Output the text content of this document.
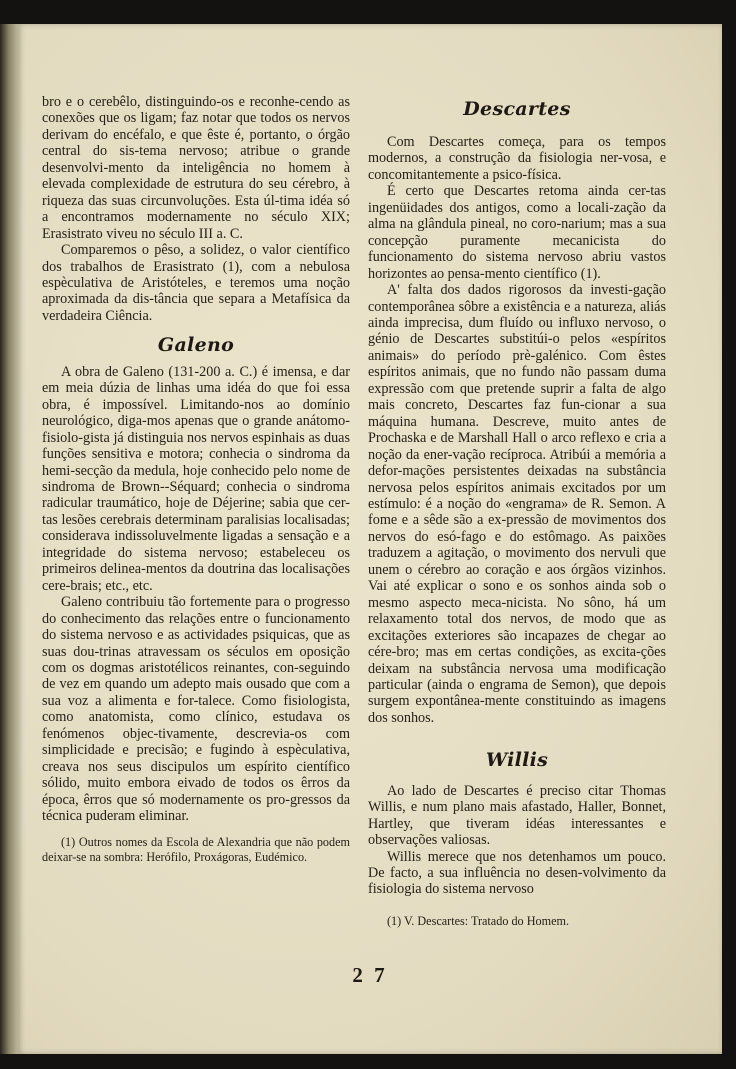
bro e o cerebêlo, distinguindo-os e reconhe-cendo as conexões que os ligam; faz notar que todos os nervos derivam do encéfalo, e que êste é, portanto, o órgão central do sis-tema nervoso; atribue o grande desenvolvi-mento da inteligência no homem à elevada complexidade de estrutura do seu cérebro, à riqueza das suas circunvoluções. Esta úl-tima idéa só a encontramos modernamente no século XIX; Erasistrato viveu no século III a. C.

Comparemos o pêso, a solidez, o valor científico dos trabalhos de Erasistrato (1), com a nebulosa espèculativa de Aristóteles, e teremos uma noção aproximada da dis-tância que separa a Metafísica da verdadeira Ciência.

Galeno

A obra de Galeno (131-200 a. C.) é imensa, e dar em meia dúzia de linhas uma idéa do que foi essa obra, é impossível. Limitando-nos ao domínio neurológico, diga-mos apenas que o grande anátomo-fisiolo-gista já distinguia nos nervos espinhais as duas funções sensitiva e motora; conhecia o sindroma da hemi-secção da medula, hoje conhecido pelo nome de sindroma de Brown--Séquard; conhecia o sindroma radicular traumático, hoje de Déjerine; sabia que cer-tas lesões cerebrais determinam paralisias localisadas; considerava indissoluvelmente ligadas a sensação e a integridade do sistema nervoso; estabeleceu os primeiros delinea-mentos da doutrina das localisações cere-brais; etc., etc.

Galeno contribuiu tão fortemente para o progresso do conhecimento das relações entre o funcionamento do sistema nervoso e as actividades psiquicas, que as suas dou-trinas atravessam os séculos em oposição com os dogmas aristotélicos reinantes, con-seguindo de vez em quando um adepto mais ousado que com a sua voz a alimenta e for-talece. Como fisiologista, como anatomista, como clínico, estudava os fenómenos objec-tivamente, descrevia-os com simplicidade e precisão; e fugindo à espèculativa, creava nos seus discipulos um espírito científico sólido, muito embora eivado de todos os êrros da época, êrros que só modernamente os pro-gressos da técnica puderam eliminar.

(1) Outros nomes da Escola de Alexandria que não podem deixar-se na sombra: Herófilo, Proxágoras, Eudémico.

Descartes

Com Descartes começa, para os tempos modernos, a construção da fisiologia ner-vosa, e concomitantemente a psico-física.

É certo que Descartes retoma ainda cer-tas ingenüidades dos antigos, como a locali-zação da alma na glândula pineal, no coro-narium; mas a sua concepção puramente mecanicista do funcionamento do sistema nervoso abriu vastos horizontes ao pensa-mento científico (1).

A' falta dos dados rigorosos da investi-gação contemporânea sôbre a existência e a natureza, aliás ainda imprecisa, dum fluído ou influxo nervoso, o génio de Descartes substitúi-o pelos «espíritos animais» do período prè-galénico. Com êstes espíritos animais, que no fundo não passam duma expressão com que pretende suprir a falta de algo mais concreto, Descartes faz fun-cionar a sua máquina humana. Descreve, muito antes de Prochaska e de Marshall Hall o arco reflexo e cria a noção da ener-vação recíproca. Atribúi a memória a defor-mações persistentes deixadas na substância nervosa pelos espíritos animais excitados por um estímulo: é a noção do «engrama» de R. Semon. A fome e a sêde são a ex-pressão de movimentos dos nervos do esó-fago e do estômago. As paixões traduzem a agitação, o movimento dos nervuli que unem o cérebro ao coração e aos órgãos vizinhos. Vai até explicar o sono e os sonhos ainda sob o mesmo aspecto meca-nicista. No sôno, há um relaxamento total dos nervos, de modo que as excitações exteriores são incapazes de chegar ao cére-bro; mas em certas condições, as excita-ções deixam na substância nervosa uma modificação particular (ainda o engrama de Semon), que depois surgem expontânea-mente constituindo as imagens dos sonhos.

Willis

Ao lado de Descartes é preciso citar Thomas Willis, e num plano mais afastado, Haller, Bonnet, Hartley, que tiveram idéas interessantes e observações valiosas.

Willis merece que nos detenhamos um pouco. De facto, a sua influência no desen-volvimento da fisiologia do sistema nervoso

(1) V. Descartes: Tratado do Homem.

2 7
